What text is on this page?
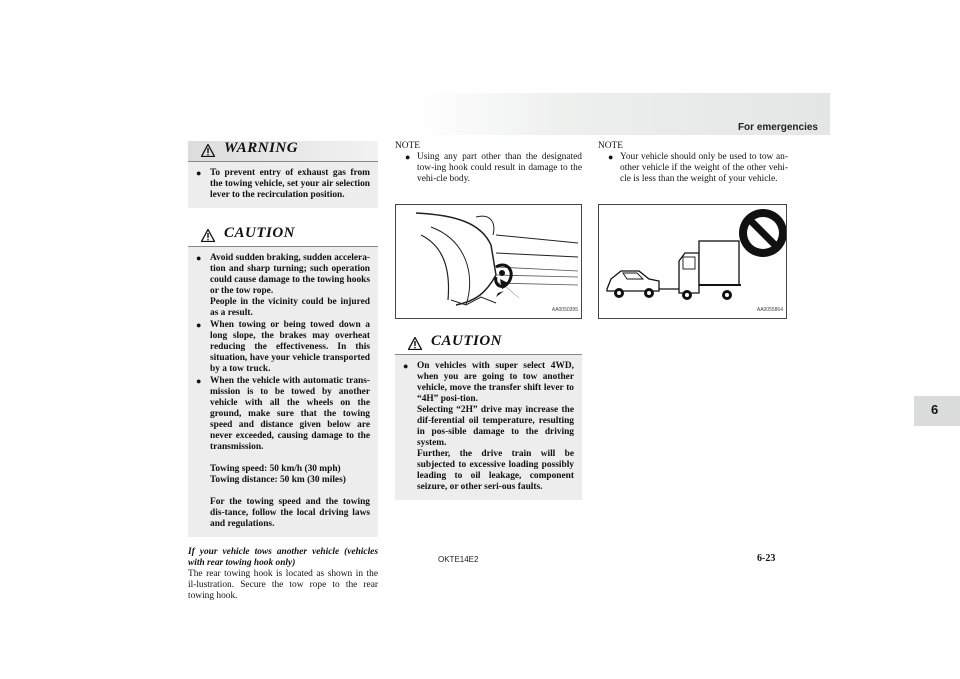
For emergencies
WARNING
● To prevent entry of exhaust gas from the towing vehicle, set your air selection lever to the recirculation position.
CAUTION
● Avoid sudden braking, sudden accelera-tion and sharp turning; such operation could cause damage to the towing hooks or the tow rope.
People in the vicinity could be injured as a result.
● When towing or being towed down a long slope, the brakes may overheat reducing the effectiveness. In this situation, have your vehicle transported by a tow truck.
● When the vehicle with automatic trans-mission is to be towed by another vehicle with all the wheels on the ground, make sure that the towing speed and distance given below are never exceeded, causing damage to the transmission.

Towing speed: 50 km/h (30 mph)
Towing distance: 50 km (30 miles)

For the towing speed and the towing dis-tance, follow the local driving laws and regulations.

If your vehicle tows another vehicle (vehicles with rear towing hook only)

The rear towing hook is located as shown in the il-lustration. Secure the tow rope to the rear towing hook.

NOTE
● Using any part other than the designated tow-ing hook could result in damage to the vehi-cle body.
AA0050395
CAUTION
● On vehicles with super select 4WD, when you are going to tow another vehicle, move the transfer shift lever to “4H” posi-tion.
Selecting “2H” drive may increase the dif-ferential oil temperature, resulting in pos-sible damage to the driving system.
Further, the drive train will be subjected to excessive loading possibly leading to oil leakage, component seizure, or other seri-ous faults.
NOTE
● Your vehicle should only be used to tow an-other vehicle if the weight of the other vehi-cle is less than the weight of your vehicle.
AA0055864
6
OKTE14E2	6-23
